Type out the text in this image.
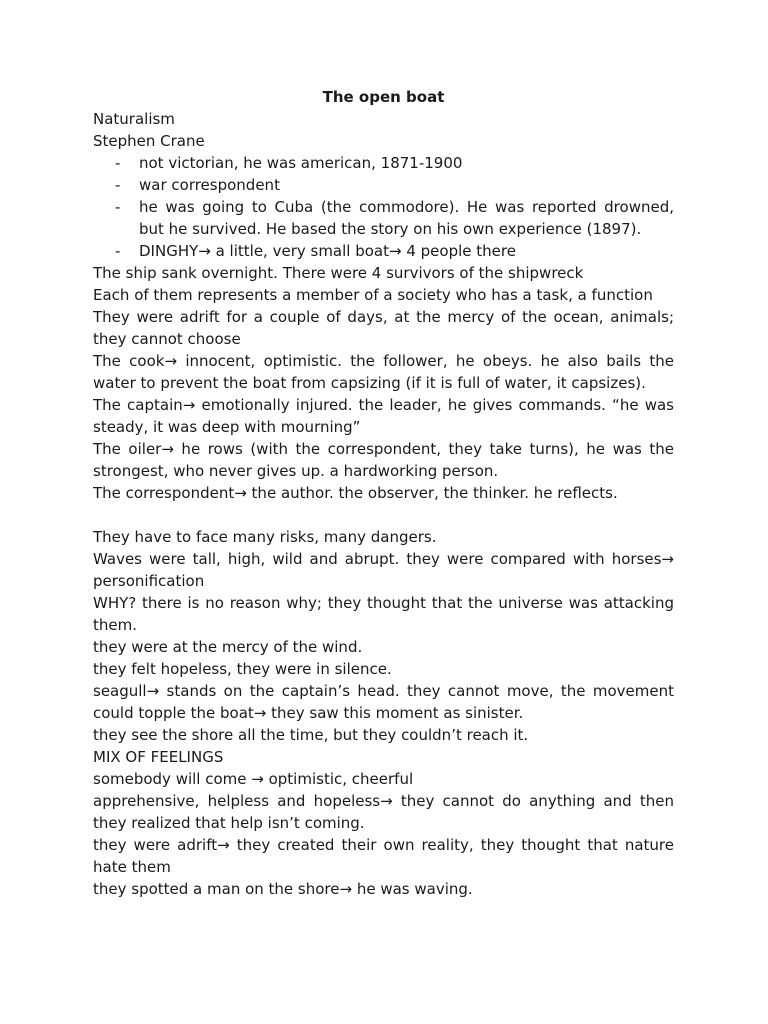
The open boat
Naturalism
Stephen Crane
- not victorian, he was american, 1871-1900
- war correspondent
- he was going to Cuba (the commodore). He was reported drowned, but he survived. He based the story on his own experience (1897).
- DINGHY→ a little, very small boat→ 4 people there

The ship sank overnight. There were 4 survivors of the shipwreck

Each of them represents a member of a society who has a task, a function

They were adrift for a couple of days, at the mercy of the ocean, animals; they cannot choose

The cook→ innocent, optimistic. the follower, he obeys. he also bails the water to prevent the boat from capsizing (if it is full of water, it capsizes).

The captain→ emotionally injured. the leader, he gives commands. “he was steady, it was deep with mourning”

The oiler→ he rows (with the correspondent, they take turns), he was the strongest, who never gives up. a hardworking person.

The correspondent→ the author. the observer, the thinker. he reflects.

They have to face many risks, many dangers.

Waves were tall, high, wild and abrupt. they were compared with horses→ personification

WHY? there is no reason why; they thought that the universe was attacking them.

they were at the mercy of the wind.

they felt hopeless, they were in silence.

seagull→ stands on the captain’s head. they cannot move, the movement could topple the boat→ they saw this moment as sinister.

they see the shore all the time, but they couldn’t reach it.

MIX OF FEELINGS

somebody will come → optimistic, cheerful

apprehensive, helpless and hopeless→ they cannot do anything and then they realized that help isn’t coming.

they were adrift→ they created their own reality, they thought that nature hate them

they spotted a man on the shore→ he was waving.
